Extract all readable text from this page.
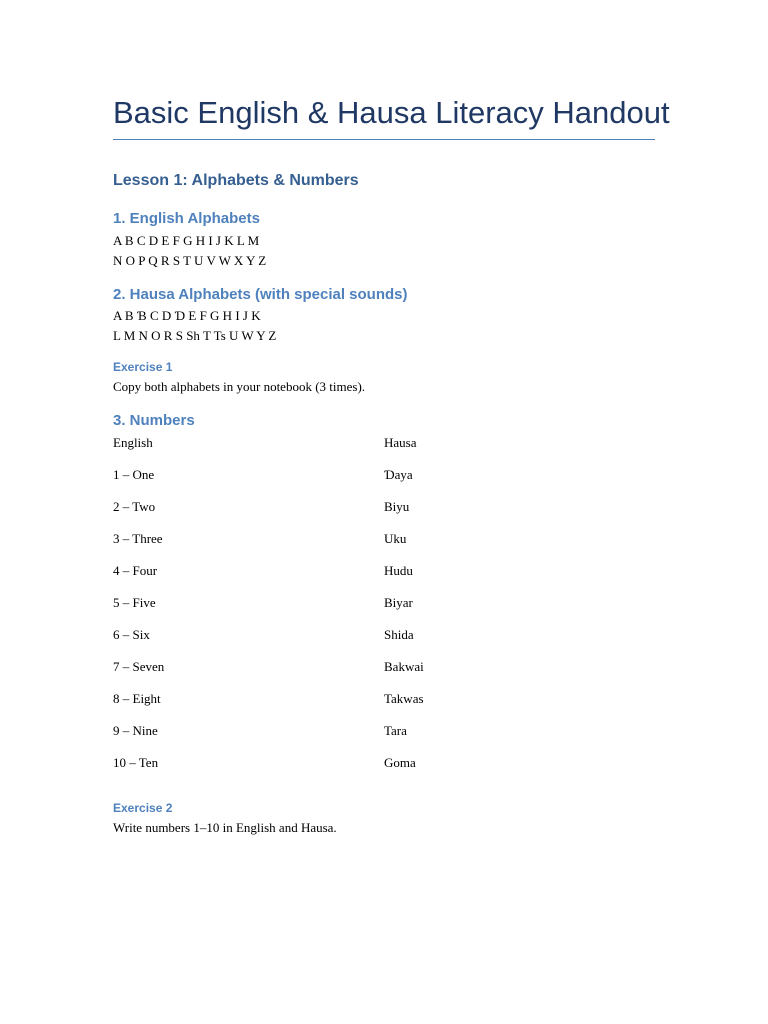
Basic English & Hausa Literacy Handout
Lesson 1: Alphabets & Numbers
1. English Alphabets
A B C D E F G H I J K L M
N O P Q R S T U V W X Y Z
2. Hausa Alphabets (with special sounds)
A B Ɓ C D Ɗ E F G H I J K
L M N O R S Sh T Ts U W Y Z
Exercise 1
Copy both alphabets in your notebook (3 times).
3. Numbers
English	Hausa
1 – One	Ɗaya
2 – Two	Biyu
3 – Three	Uku
4 – Four	Hudu
5 – Five	Biyar
6 – Six	Shida
7 – Seven	Bakwai
8 – Eight	Takwas
9 – Nine	Tara
10 – Ten	Goma
Exercise 2
Write numbers 1–10 in English and Hausa.
